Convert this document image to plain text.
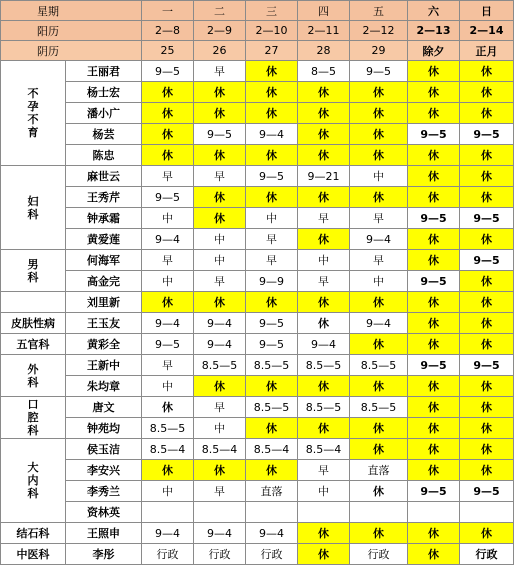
星期		一	二	三	四	五	六	日
阳历		2—8	2—9	2—10	2—11	2—12	2—13	2—14
阴历		25	26	27	28	29	除夕	正月

不
孕
不
育	王丽君	9—5	早	休	8—5	9—5	休	休
	杨士宏	休	休	休	休	休	休	休
	潘小广	休	休	休	休	休	休	休
	杨芸	休	9—5	9—4	休	休	9—5	9—5
	陈忠	休	休	休	休	休	休	休

妇
科	麻世云	早	早	9—5	9—21	中	休	休
	王秀芹	9—5	休	休	休	休	休	休
	钟承霜	中	休	中	早	早	9—5	9—5
	黄爱莲	9—4	中	早	休	9—4	休	休

男
科	何海军	早	中	早	中	早	休	9—5
	高金完	中	早	9—9	早	中	9—5	休
	刘里新	休	休	休	休	休	休	休
皮肤性病	王玉友	9—4	9—4	9—5	休	9—4	休	休
五官科	黄彩全	9—5	9—4	9—5	9—4	休	休	休

外
科	王新中	早	8.5—5	8.5—5	8.5—5	8.5—5	9—5	9—5
	朱均章	中	休	休	休	休	休	休

口
腔
科	唐文	休	早	8.5—5	8.5—5	8.5—5	休	休
	钟苑均	8.5—5	中	休	休	休	休	休

大
内
科	侯玉洁	8.5—4	8.5—4	8.5—4	8.5—4	休	休	休
	李安兴	休	休	休	早	直落	休	休
	李秀兰	中	早	直落	中	休	9—5	9—5
	资林英							
结石科	王照申	9—4	9—4	9—4	休	休	休	休
中医科	李彤	行政	行政	行政	休	行政	休	行政
